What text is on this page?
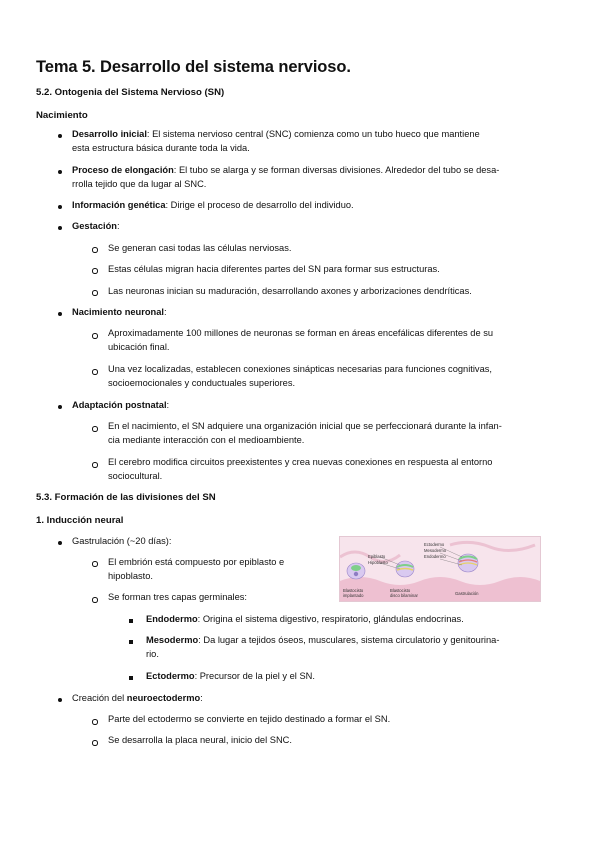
Tema 5. Desarrollo del sistema nervioso.
5.2. Ontogenia del Sistema Nervioso (SN)
Nacimiento

Desarrollo inicial: El sistema nervioso central (SNC) comienza como un tubo hueco que mantiene
esta estructura básica durante toda la vida.

Proceso de elongación: El tubo se alarga y se forman diversas divisiones. Alrededor del tubo se desa-
rrolla tejido que da lugar al SNC.

Información genética: Dirige el proceso de desarrollo del individuo.

Gestación:

Se generan casi todas las células nerviosas.

Estas células migran hacia diferentes partes del SN para formar sus estructuras.

Las neuronas inician su maduración, desarrollando axones y arborizaciones dendríticas.

Nacimiento neuronal:

Aproximadamente 100 millones de neuronas se forman en áreas encefálicas diferentes de su
ubicación final.

Una vez localizadas, establecen conexiones sinápticas necesarias para funciones cognitivas,
socioemocionales y conductuales superiores.

Adaptación postnatal:

En el nacimiento, el SN adquiere una organización inicial que se perfeccionará durante la infan-
cia mediante interacción con el medioambiente.

El cerebro modifica circuitos preexistentes y crea nuevas conexiones en respuesta al entorno
sociocultural.

5.3. Formación de las divisiones del SN
1. Inducción neural

Gastrulación (~20 días):

El embrión está compuesto por epiblasto e
hipoblasto.

Se forman tres capas germinales:

Endodermo: Origina el sistema digestivo, respiratorio, glándulas endocrinas.

Mesodermo: Da lugar a tejidos óseos, musculares, sistema circulatorio y genitourina-
rio.

Ectodermo: Precursor de la piel y el SN.

Creación del neuroectodermo:

Parte del ectodermo se convierte en tejido destinado a formar el SN.

Se desarrolla la placa neural, inicio del SNC.

Epiblasto
Hipoblasto
Ectodermo
Mesodermo
Endodermo
Blastocisto
implantado
Blastocisto
disco bilaminar	Gastrulación
